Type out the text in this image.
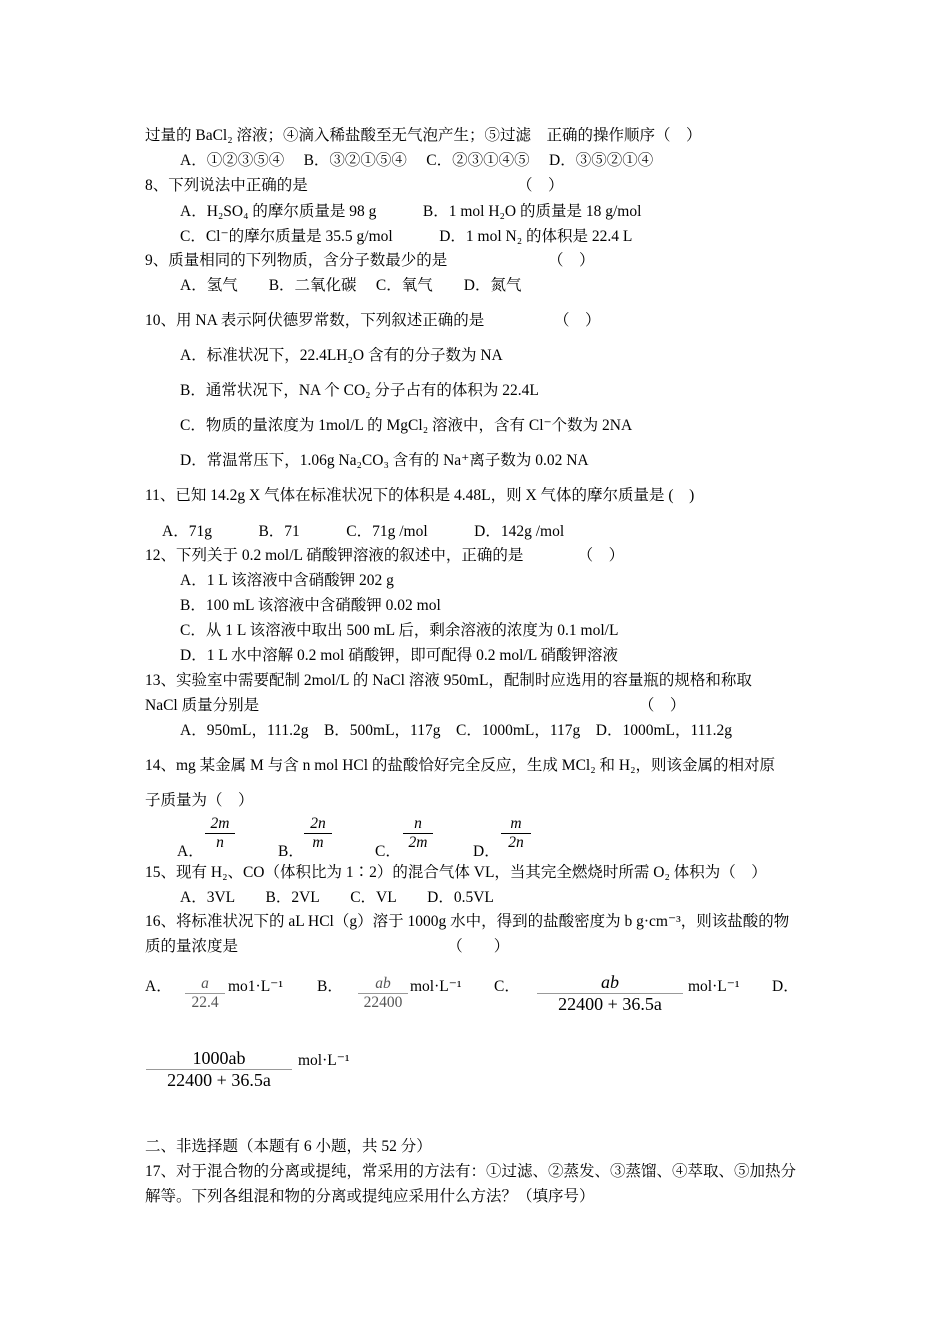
过量的 BaCl₂ 溶液；④滴入稀盐酸至无气泡产生；⑤过滤　正确的操作顺序（　）
A．①②③⑤④　 B．③②①⑤④　 C．②③①④⑤　 D．③⑤②①④
8、下列说法中正确的是　　　　　　　　　　　　　　（　）
A．H₂SO₄ 的摩尔质量是 98 g　　　B．1 mol H₂O 的质量是 18 g/mol
C．Cl⁻的摩尔质量是 35.5 g/mol　　　D．1 mol N₂ 的体积是 22.4 L
9、质量相同的下列物质，含分子数最少的是　　　　　　　（　）
A．氢气　　B．二氧化碳　 C．氧气　　D．氮气
10、用 NA 表示阿伏德罗常数，下列叙述正确的是　　　　　（　）
A．标准状况下，22.4LH₂O 含有的分子数为 NA
B．通常状况下，NA 个 CO₂ 分子占有的体积为 22.4L
C．物质的量浓度为 1mol/L 的 MgCl₂ 溶液中，含有 Cl⁻个数为 2NA
D．常温常压下，1.06g Na₂CO₃ 含有的 Na⁺离子数为 0.02 NA
11、已知 14.2g X 气体在标准状况下的体积是 4.48L，则 X 气体的摩尔质量是 (　)
A．71g　　　B．71　　　C．71g /mol　　　D．142g /mol
12、下列关于 0.2 mol/L 硝酸钾溶液的叙述中，正确的是　　　　（　）
A．1 L 该溶液中含硝酸钾 202 g
B．100 mL 该溶液中含硝酸钾 0.02 mol
C．从 1 L 该溶液中取出 500 mL 后，剩余溶液的浓度为 0.1 mol/L
D．1 L 水中溶解 0.2 mol 硝酸钾，即可配得 0.2 mol/L 硝酸钾溶液
13、实验室中需要配制 2mol/L 的 NaCl 溶液 950mL，配制时应选用的容量瓶的规格和称取
NaCl 质量分别是　　　　　　　　　　　　　　　　　　　　　　　　　（　）
A．950mL，111.2g　B．500mL，117g　C．1000mL，117g　D．1000mL，111.2g
14、mg 某金属 M 与含 n mol HCl 的盐酸恰好完全反应，生成 MCl₂ 和 H₂，则该金属的相对原
子质量为（　）
A． $\frac{2m}{n}$	B． $\frac{2n}{m}$	C． $\frac{n}{2m}$	D． $\frac{m}{2n}$
15、现有 H₂、CO（体积比为 1∶2）的混合气体 VL，当其完全燃烧时所需 O₂ 体积为（　）
A．3VL　　B．2VL　　C．VL　　D．0.5VL
16、将标准状况下的 aL HCl（g）溶于 1000g 水中，得到的盐酸密度为 b g·cm⁻³，则该盐酸的物
质的量浓度是　　　　　　　　　　　　　　（　　）
A． $\frac{a}{22.4} mo1\cdot L^{-1}$ B． $\frac{ab}{22400} mol\cdot L^{-1}$ C． $\frac{ab}{22400 + 36.5a} mol\cdot L^{-1}$ D．
$\frac{1000ab}{22400 + 36.5a} mol\cdot L^{-1}$
二、非选择题（本题有 6 小题，共 52 分）
17、对于混合物的分离或提纯，常采用的方法有：①过滤、②蒸发、③蒸馏、④萃取、⑤加热分
解等。下列各组混和物的分离或提纯应采用什么方法？（填序号）
